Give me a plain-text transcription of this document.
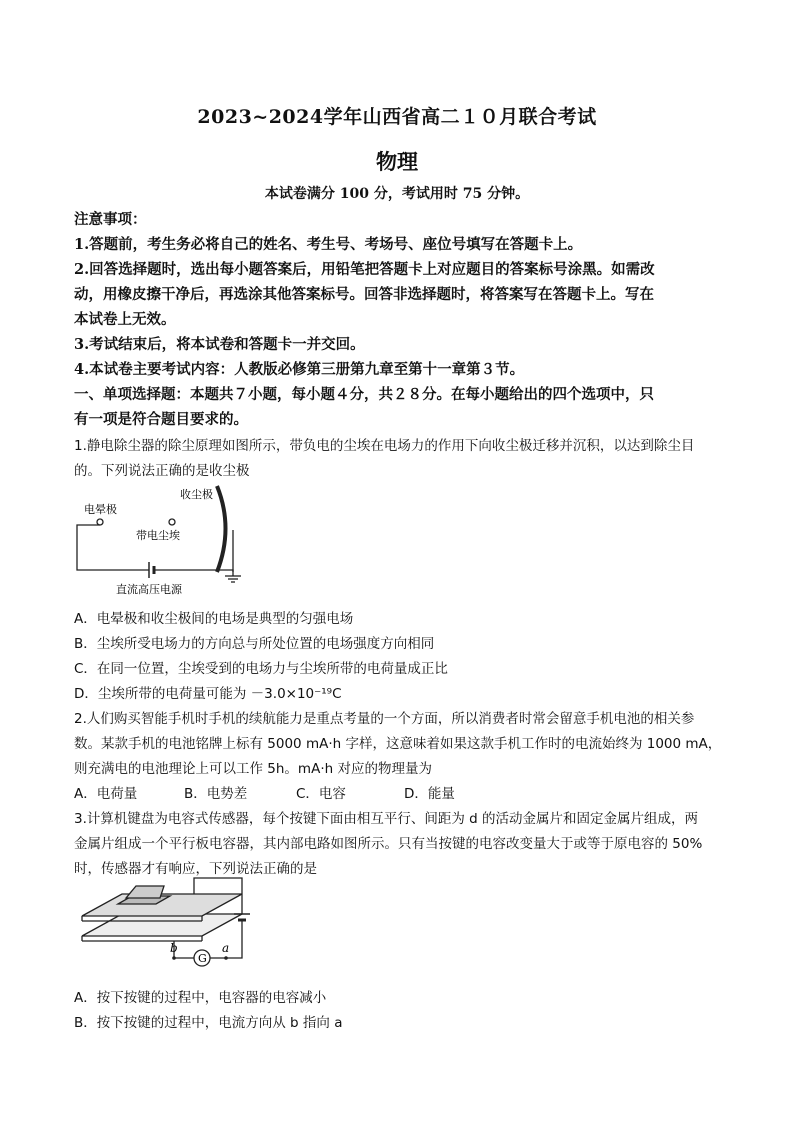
2023~2024学年山西省高二１０月联合考试
物理
本试卷满分 100 分，考试用时 75 分钟。
注意事项：
1.答题前，考生务必将自己的姓名、考生号、考场号、座位号填写在答题卡上。
2.回答选择题时，选出每小题答案后，用铅笔把答题卡上对应题目的答案标号涂黑。如需改
动，用橡皮擦干净后，再选涂其他答案标号。回答非选择题时，将答案写在答题卡上。写在
本试卷上无效。
3.考试结束后，将本试卷和答题卡一并交回。
4.本试卷主要考试内容：人教版必修第三册第九章至第十一章第３节。
一、单项选择题：本题共７小题，每小题４分，共２８分。在每小题给出的四个选项中，只
有一项是符合题目要求的。
1.静电除尘器的除尘原理如图所示，带负电的尘埃在电场力的作用下向收尘极迁移并沉积，以达到除尘目
的。下列说法正确的是收尘极
收尘极
电晕极
带电尘埃
直流高压电源
A．电晕极和收尘极间的电场是典型的匀强电场
B．尘埃所受电场力的方向总与所处位置的电场强度方向相同
C．在同一位置，尘埃受到的电场力与尘埃所带的电荷量成正比
D．尘埃所带的电荷量可能为 －3.0×10⁻¹⁹C
2.人们购买智能手机时手机的续航能力是重点考量的一个方面，所以消费者时常会留意手机电池的相关参
数。某款手机的电池铭牌上标有 5000 mA·h 字样，这意味着如果这款手机工作时的电流始终为 1000 mA，
则充满电的电池理论上可以工作 5h。mA·h 对应的物理量为
A．电荷量	B．电势差	C．电容	D．能量
3.计算机键盘为电容式传感器，每个按键下面由相互平行、间距为 d 的活动金属片和固定金属片组成，两
金属片组成一个平行板电容器，其内部电路如图所示。只有当按键的电容改变量大于或等于原电容的 50%
时，传感器才有响应，下列说法正确的是
G
b	a
A．按下按键的过程中，电容器的电容减小
B．按下按键的过程中，电流方向从 b 指向 a
